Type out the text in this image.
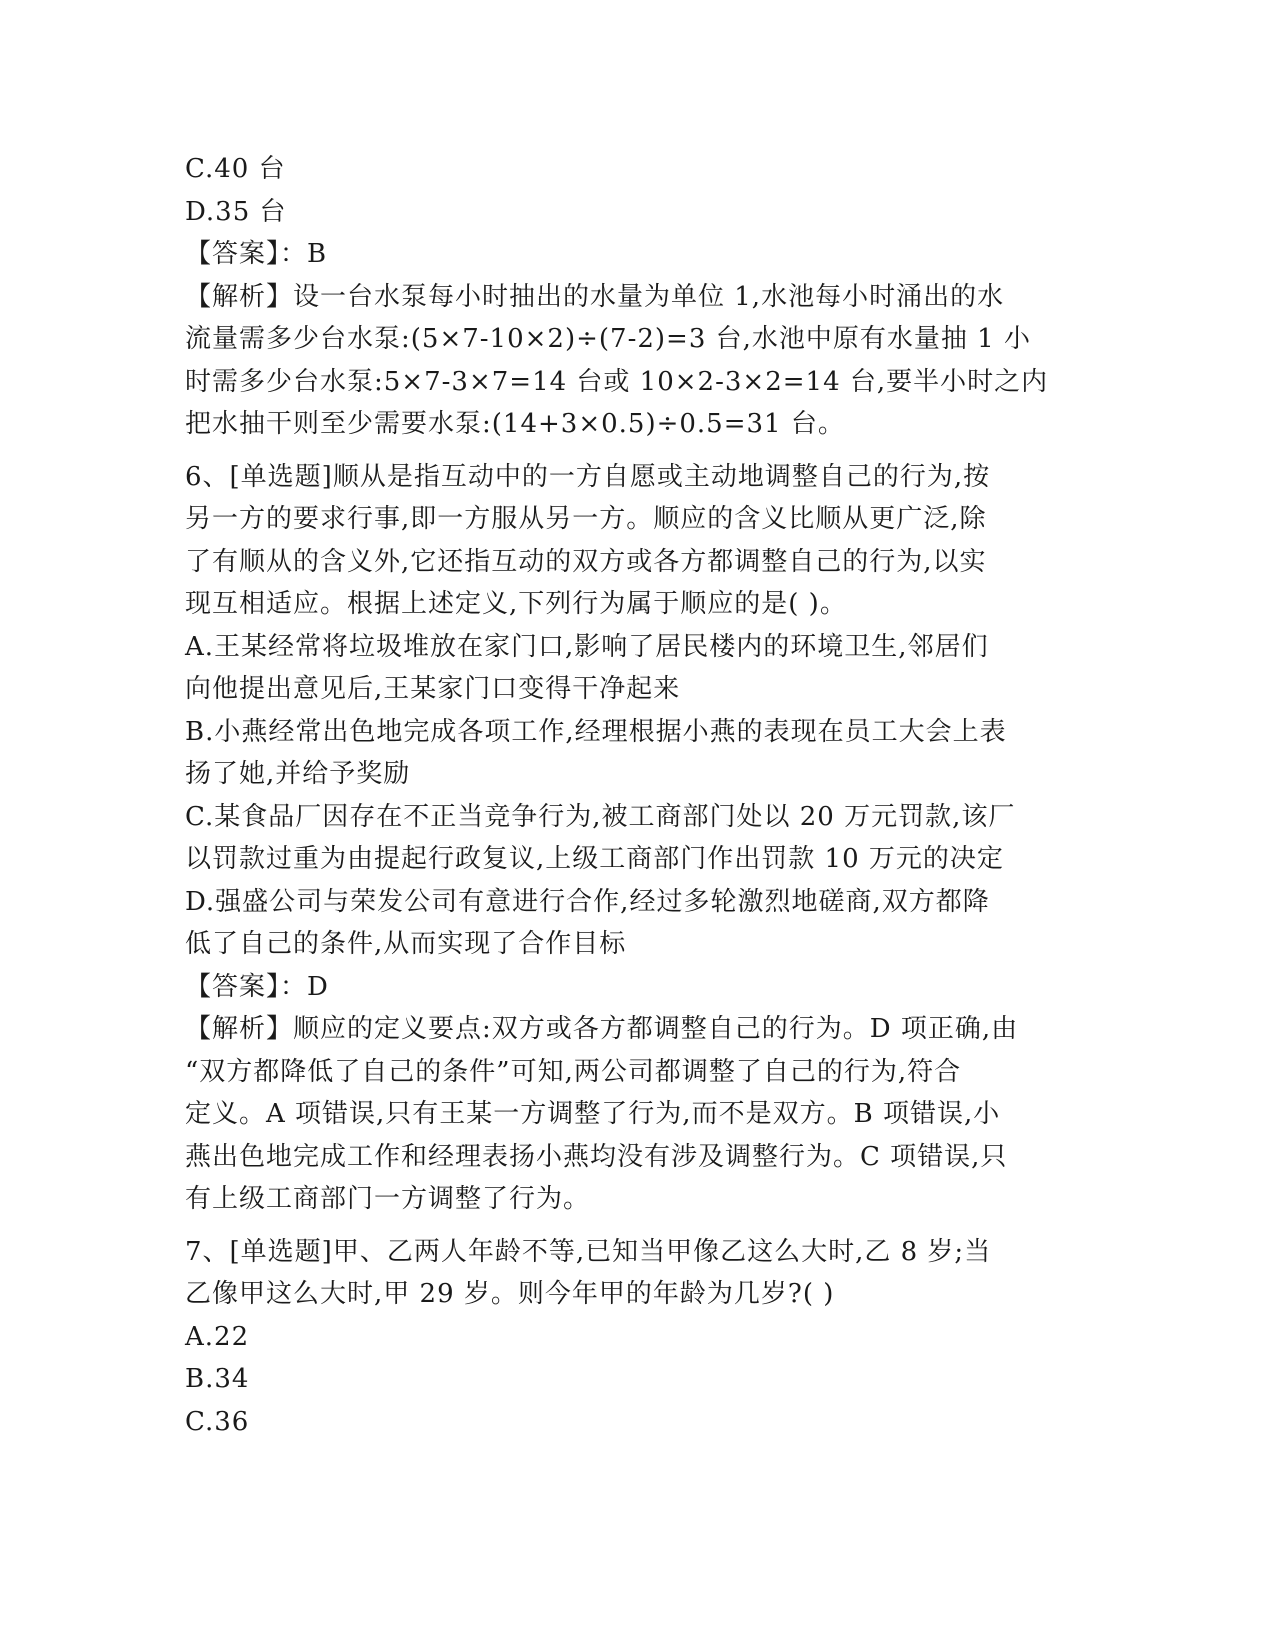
C.40 台
D.35 台
【答案】：B
【解析】设一台水泵每小时抽出的水量为单位 1,水池每小时涌出的水
流量需多少台水泵:(5×7-10×2)÷(7-2)=3 台,水池中原有水量抽 1 小
时需多少台水泵:5×7-3×7=14 台或 10×2-3×2=14 台,要半小时之内
把水抽干则至少需要水泵:(14+3×0.5)÷0.5=31 台。
6、[单选题]顺从是指互动中的一方自愿或主动地调整自己的行为,按
另一方的要求行事,即一方服从另一方。顺应的含义比顺从更广泛,除
了有顺从的含义外,它还指互动的双方或各方都调整自己的行为,以实
现互相适应。根据上述定义,下列行为属于顺应的是( )。
A.王某经常将垃圾堆放在家门口,影响了居民楼内的环境卫生,邻居们
向他提出意见后,王某家门口变得干净起来
B.小燕经常出色地完成各项工作,经理根据小燕的表现在员工大会上表
扬了她,并给予奖励
C.某食品厂因存在不正当竞争行为,被工商部门处以 20 万元罚款,该厂
以罚款过重为由提起行政复议,上级工商部门作出罚款 10 万元的决定
D.强盛公司与荣发公司有意进行合作,经过多轮激烈地磋商,双方都降
低了自己的条件,从而实现了合作目标
【答案】：D
【解析】顺应的定义要点:双方或各方都调整自己的行为。D 项正确,由
“双方都降低了自己的条件”可知,两公司都调整了自己的行为,符合
定义。A 项错误,只有王某一方调整了行为,而不是双方。B 项错误,小
燕出色地完成工作和经理表扬小燕均没有涉及调整行为。C 项错误,只
有上级工商部门一方调整了行为。
7、[单选题]甲、乙两人年龄不等,已知当甲像乙这么大时,乙 8 岁;当
乙像甲这么大时,甲 29 岁。则今年甲的年龄为几岁?( )
A.22
B.34
C.36
